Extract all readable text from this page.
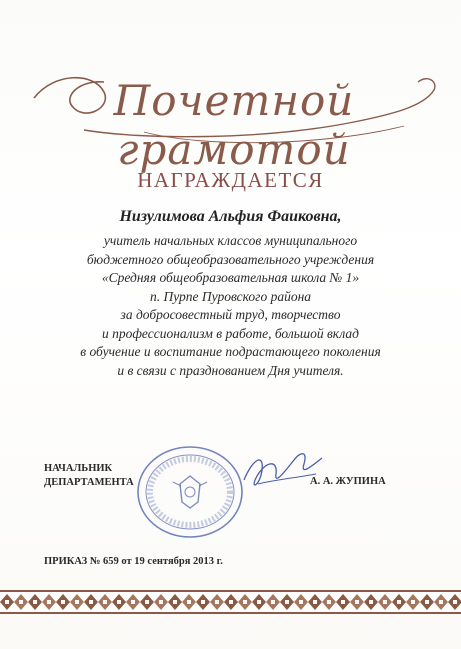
Почетной грамотой
НАГРАЖДАЕТСЯ
Низулимова Альфия Фаиковна,
учитель начальных классов муниципального
бюджетного общеобразовательного учреждения
«Средняя общеобразовательная школа № 1»
п. Пурпе Пуровского района
за добросовестный труд, творчество
и профессионализм в работе, большой вклад
в обучение и воспитание подрастающего поколения
и в связи с празднованием Дня учителя.
НАЧАЛЬНИК
ДЕПАРТАМЕНТА	А. А. ЖУПИНА
ПРИКАЗ № 659 от 19 сентября 2013 г.
